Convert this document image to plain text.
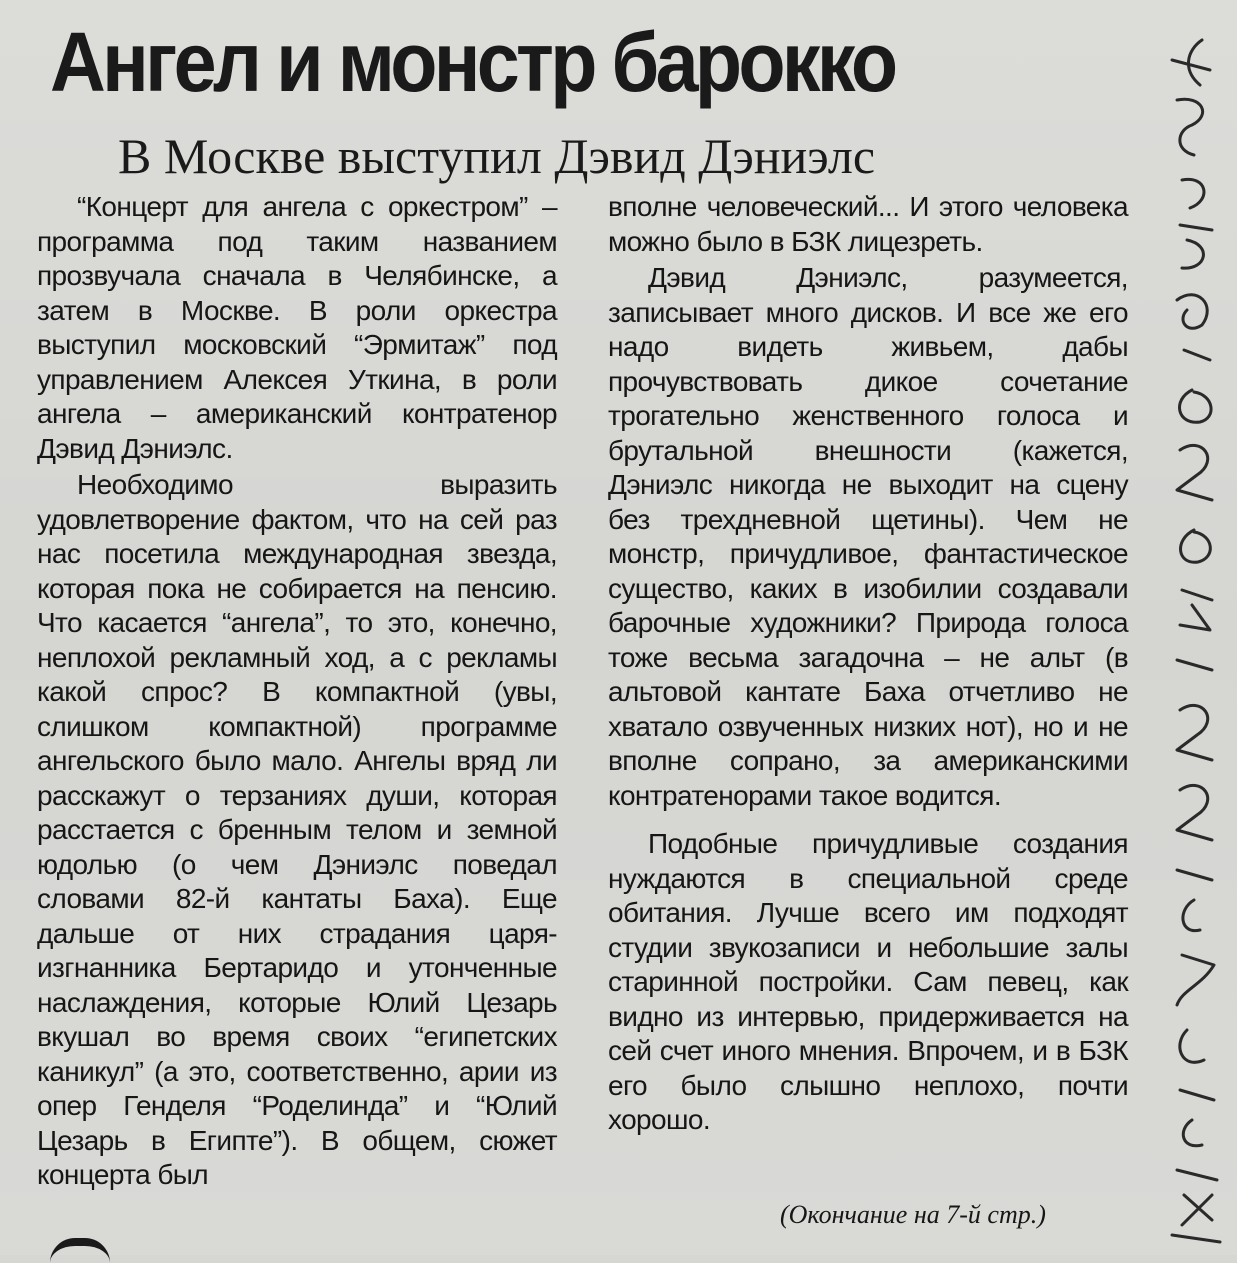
Ангел и монстр барокко
В Москве выступил Дэвид Дэниэлс

“Концерт для ангела с оркестром” – программа под таким названием прозвучала сначала в Челябинске, а затем в Москве. В роли оркестра выступил московский “Эрмитаж” под управлением Алексея Уткина, в роли ангела – американский контратенор Дэвид Дэниэлс.

Необходимо выразить удовлетворение фактом, что на сей раз нас посетила международная звезда, которая пока не собирается на пенсию. Что касается “ангела”, то это, конечно, неплохой рекламный ход, а с рекламы какой спрос? В компактной (увы, слишком компактной) программе ангельского было мало. Ангелы вряд ли расскажут о терзаниях души, которая расстается с бренным телом и земной юдолью (о чем Дэниэлс поведал словами 82-й кантаты Баха). Еще дальше от них страдания царя-изгнанника Бертаридо и утонченные наслаждения, которые Юлий Цезарь вкушал во время своих “египетских каникул” (а это, соответственно, арии из опер Генделя “Роделинда” и “Юлий Цезарь в Египте”). В общем, сюжет концерта был

вполне человеческий... И этого человека можно было в БЗК лицезреть.

Дэвид Дэниэлс, разумеется, записывает много дисков. И все же его надо видеть живьем, дабы прочувствовать дикое сочетание трогательно женственного голоса и брутальной внешности (кажется, Дэниэлс никогда не выходит на сцену без трехдневной щетины). Чем не монстр, причудливое, фантастическое существо, каких в изобилии создавали барочные художники? Природа голоса тоже весьма загадочна – не альт (в альтовой кантате Баха отчетливо не хватало озвученных низких нот), но и не вполне сопрано, за американскими контратенорами такое водится.

Подобные причудливые создания нуждаются в специальной среде обитания. Лучше всего им подходят студии звукозаписи и небольшие залы старинной постройки. Сам певец, как видно из интервью, придерживается на сей счет иного мнения. Впрочем, и в БЗК его было слышно неплохо, почти хорошо.

(Окончание на 7-й стр.)
